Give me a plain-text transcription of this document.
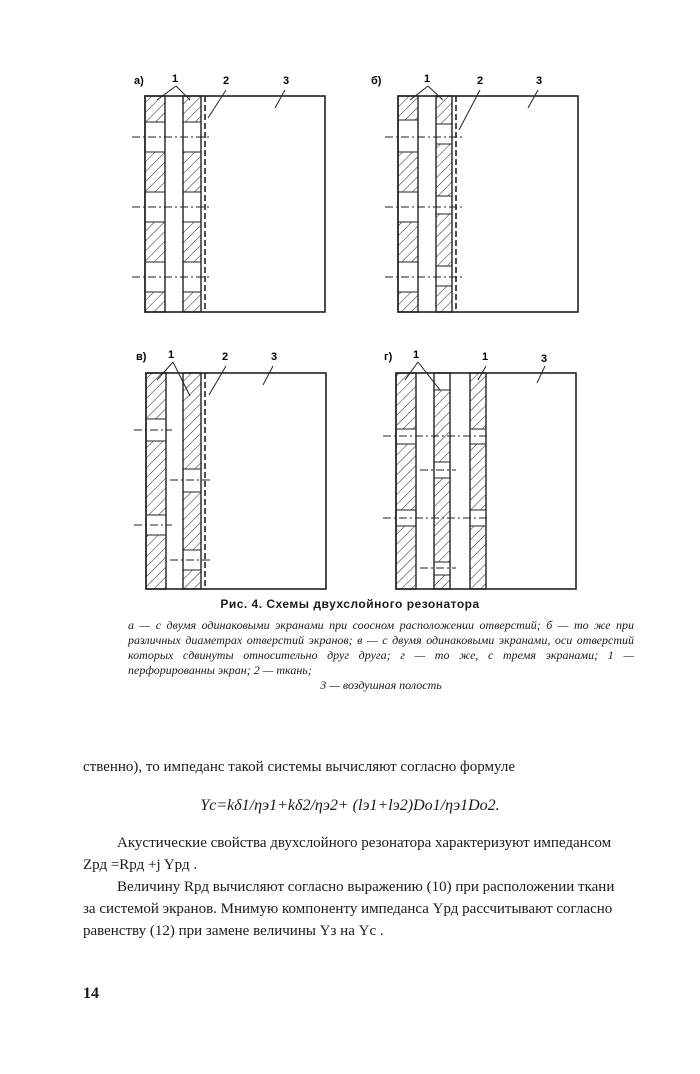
а)	1	2	3	б)	1	2	3
в) 1	2	3	г) 1	1	3
Рис. 4. Схемы двухслойного резонатора
а — с двумя одинаковыми экранами при соосном расположении отверстий; б — то же при различных диаметрах отверстий экранов; в — с двумя одинаковыми экранами, оси отверстий которых сдвинуты относительно друг друга; г — то же, с тремя экранами; 1 — перфорированны экран; 2 — ткань;
3 — воздушная полость
ственно), то импеданс такой системы вычисляют согласно формуле
Yс=kδ1/ηэ1+kδ2/ηэ2+ (lэ1+lэ2)Dо1/ηэ1Dо2.
Акустические свойства двухслойного резонатора характеризуют импедансом Zрд =Rрд +j Yрд .
Величину Rрд вычисляют согласно выражению (10) при расположении ткани за системой экранов. Мнимую компоненту импеданса Yрд рассчитывают согласно равенству (12) при замене величины Yз на Yс .
14
